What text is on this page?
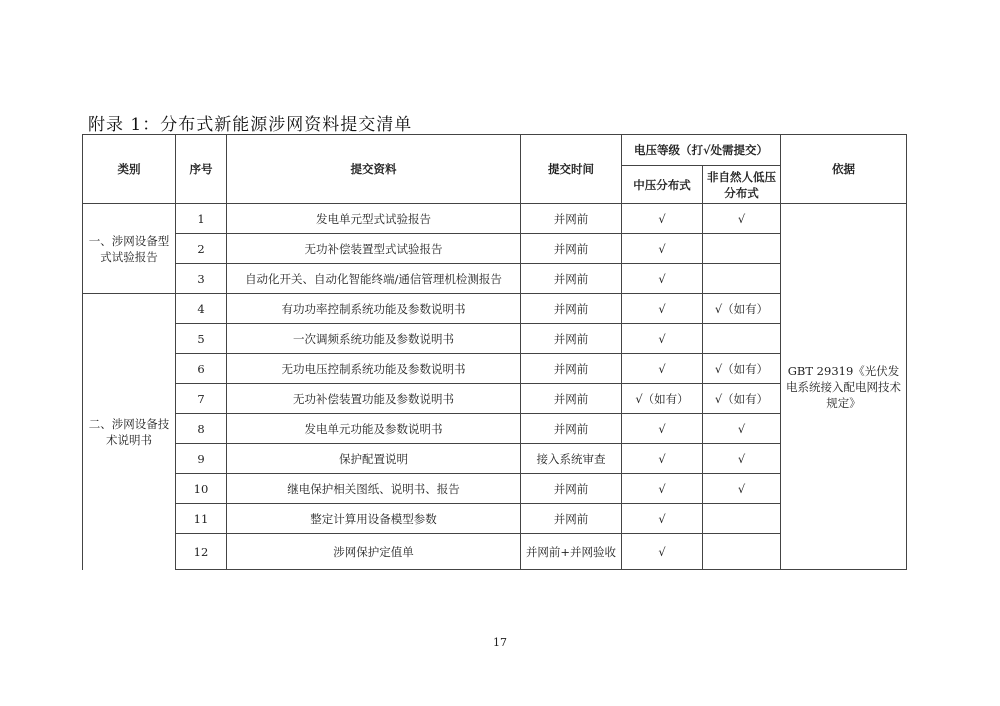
附录 1：分布式新能源涉网资料提交清单
类别	序号	提交资料	提交时间	电压等级（打√处需提交）		依据
				中压分布式	非自然人低压分布式	
一、涉网设备型式试验报告	1	发电单元型式试验报告	并网前	√	√	GBT 29319《光伏发电系统接入配电网技术规定》
	2	无功补偿装置型式试验报告	并网前	√		
	3	自动化开关、自动化智能终端/通信管理机检测报告	并网前	√		
二、涉网设备技术说明书	4	有功功率控制系统功能及参数说明书	并网前	√	√（如有）	
	5	一次调频系统功能及参数说明书	并网前	√		
	6	无功电压控制系统功能及参数说明书	并网前	√	√（如有）	
	7	无功补偿装置功能及参数说明书	并网前	√（如有）	√（如有）	
	8	发电单元功能及参数说明书	并网前	√	√	
	9	保护配置说明	接入系统审查	√	√	
	10	继电保护相关图纸、说明书、报告	并网前	√	√	
	11	整定计算用设备模型参数	并网前	√		
	12	涉网保护定值单	并网前+并网验收	√		
17
